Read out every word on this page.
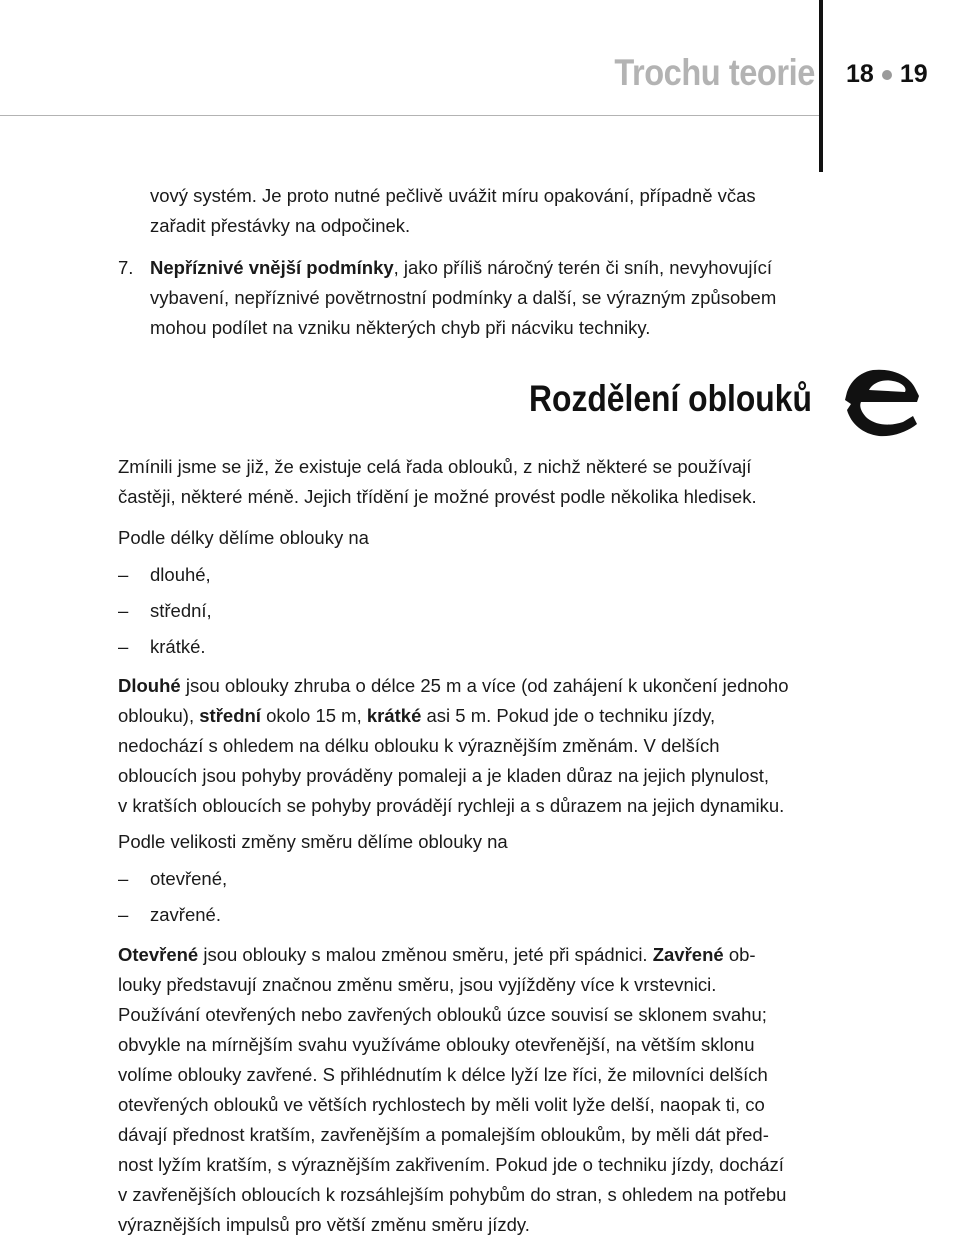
Trochu teorie 18 19
vový systém. Je proto nutné pečlivě uvážit míru opakování, případně včas
zařadit přestávky na odpočinek.
7. Nepříznivé vnější podmínky, jako příliš náročný terén či sníh, nevyhovující
vybavení, nepříznivé povětrnostní podmínky a další, se výrazným způsobem
mohou podílet na vzniku některých chyb při nácviku techniky.
Rozdělení oblouků
Zmínili jsme se již, že existuje celá řada oblouků, z nichž některé se používají
častěji, některé méně. Jejich třídění je možné provést podle několika hledisek.
Podle délky dělíme oblouky na
– dlouhé,
– střední,
– krátké.
Dlouhé jsou oblouky zhruba o délce 25 m a více (od zahájení k ukončení jednoho
oblouku), střední okolo 15 m, krátké asi 5 m. Pokud jde o techniku jízdy,
nedochází s ohledem na délku oblouku k výraznějším změnám. V delších
obloucích jsou pohyby prováděny pomaleji a je kladen důraz na jejich plynulost,
v kratších obloucích se pohyby provádějí rychleji a s důrazem na jejich dynamiku.
Podle velikosti změny směru dělíme oblouky na
– otevřené,
– zavřené.
Otevřené jsou oblouky s malou změnou směru, jeté při spádnici. Zavřené ob-
louky představují značnou změnu směru, jsou vyjížděny více k vrstevnici.
Používání otevřených nebo zavřených oblouků úzce souvisí se sklonem svahu;
obvykle na mírnějším svahu využíváme oblouky otevřenější, na větším sklonu
volíme oblouky zavřené. S přihlédnutím k délce lyží lze říci, že milovníci delších
otevřených oblouků ve větších rychlostech by měli volit lyže delší, naopak ti, co
dávají přednost kratším, zavřenějším a pomalejším obloukům, by měli dát před-
nost lyžím kratším, s výraznějším zakřivením. Pokud jde o techniku jízdy, dochází
v zavřenějších obloucích k rozsáhlejším pohybům do stran, s ohledem na potřebu
výraznějších impulsů pro větší změnu směru jízdy.
